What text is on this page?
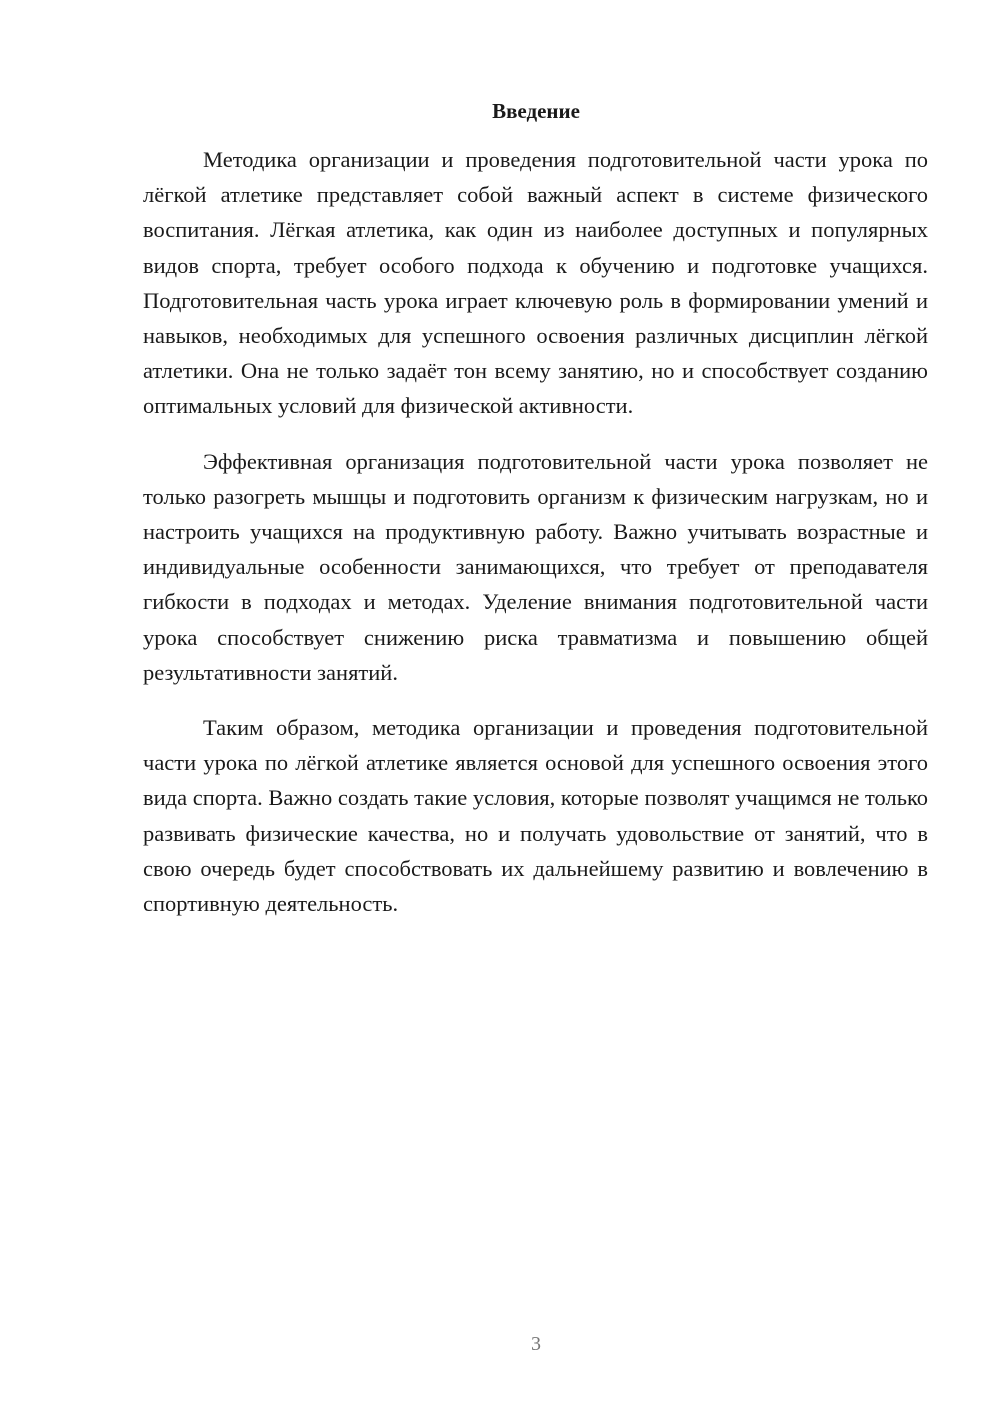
Введение

Методика организации и проведения подготовительной части урока по лёгкой атлетике представляет собой важный аспект в системе физического воспитания. Лёгкая атлетика, как один из наиболее доступных и популярных видов спорта, требует особого подхода к обучению и подготовке учащихся. Подготовительная часть урока играет ключевую роль в формировании умений и навыков, необходимых для успешного освоения различных дисциплин лёгкой атлетики. Она не только задаёт тон всему занятию, но и способствует созданию оптимальных условий для физической активности.

Эффективная организация подготовительной части урока позволяет не только разогреть мышцы и подготовить организм к физическим нагрузкам, но и настроить учащихся на продуктивную работу. Важно учитывать возрастные и индивидуальные особенности занимающихся, что требует от преподавателя гибкости в подходах и методах. Уделение внимания подготовительной части урока способствует снижению риска травматизма и повышению общей результативности занятий.

Таким образом, методика организации и проведения подготовительной части урока по лёгкой атлетике является основой для успешного освоения этого вида спорта. Важно создать такие условия, которые позволят учащимся не только развивать физические качества, но и получать удовольствие от занятий, что в свою очередь будет способствовать их дальнейшему развитию и вовлечению в спортивную деятельность.

3
